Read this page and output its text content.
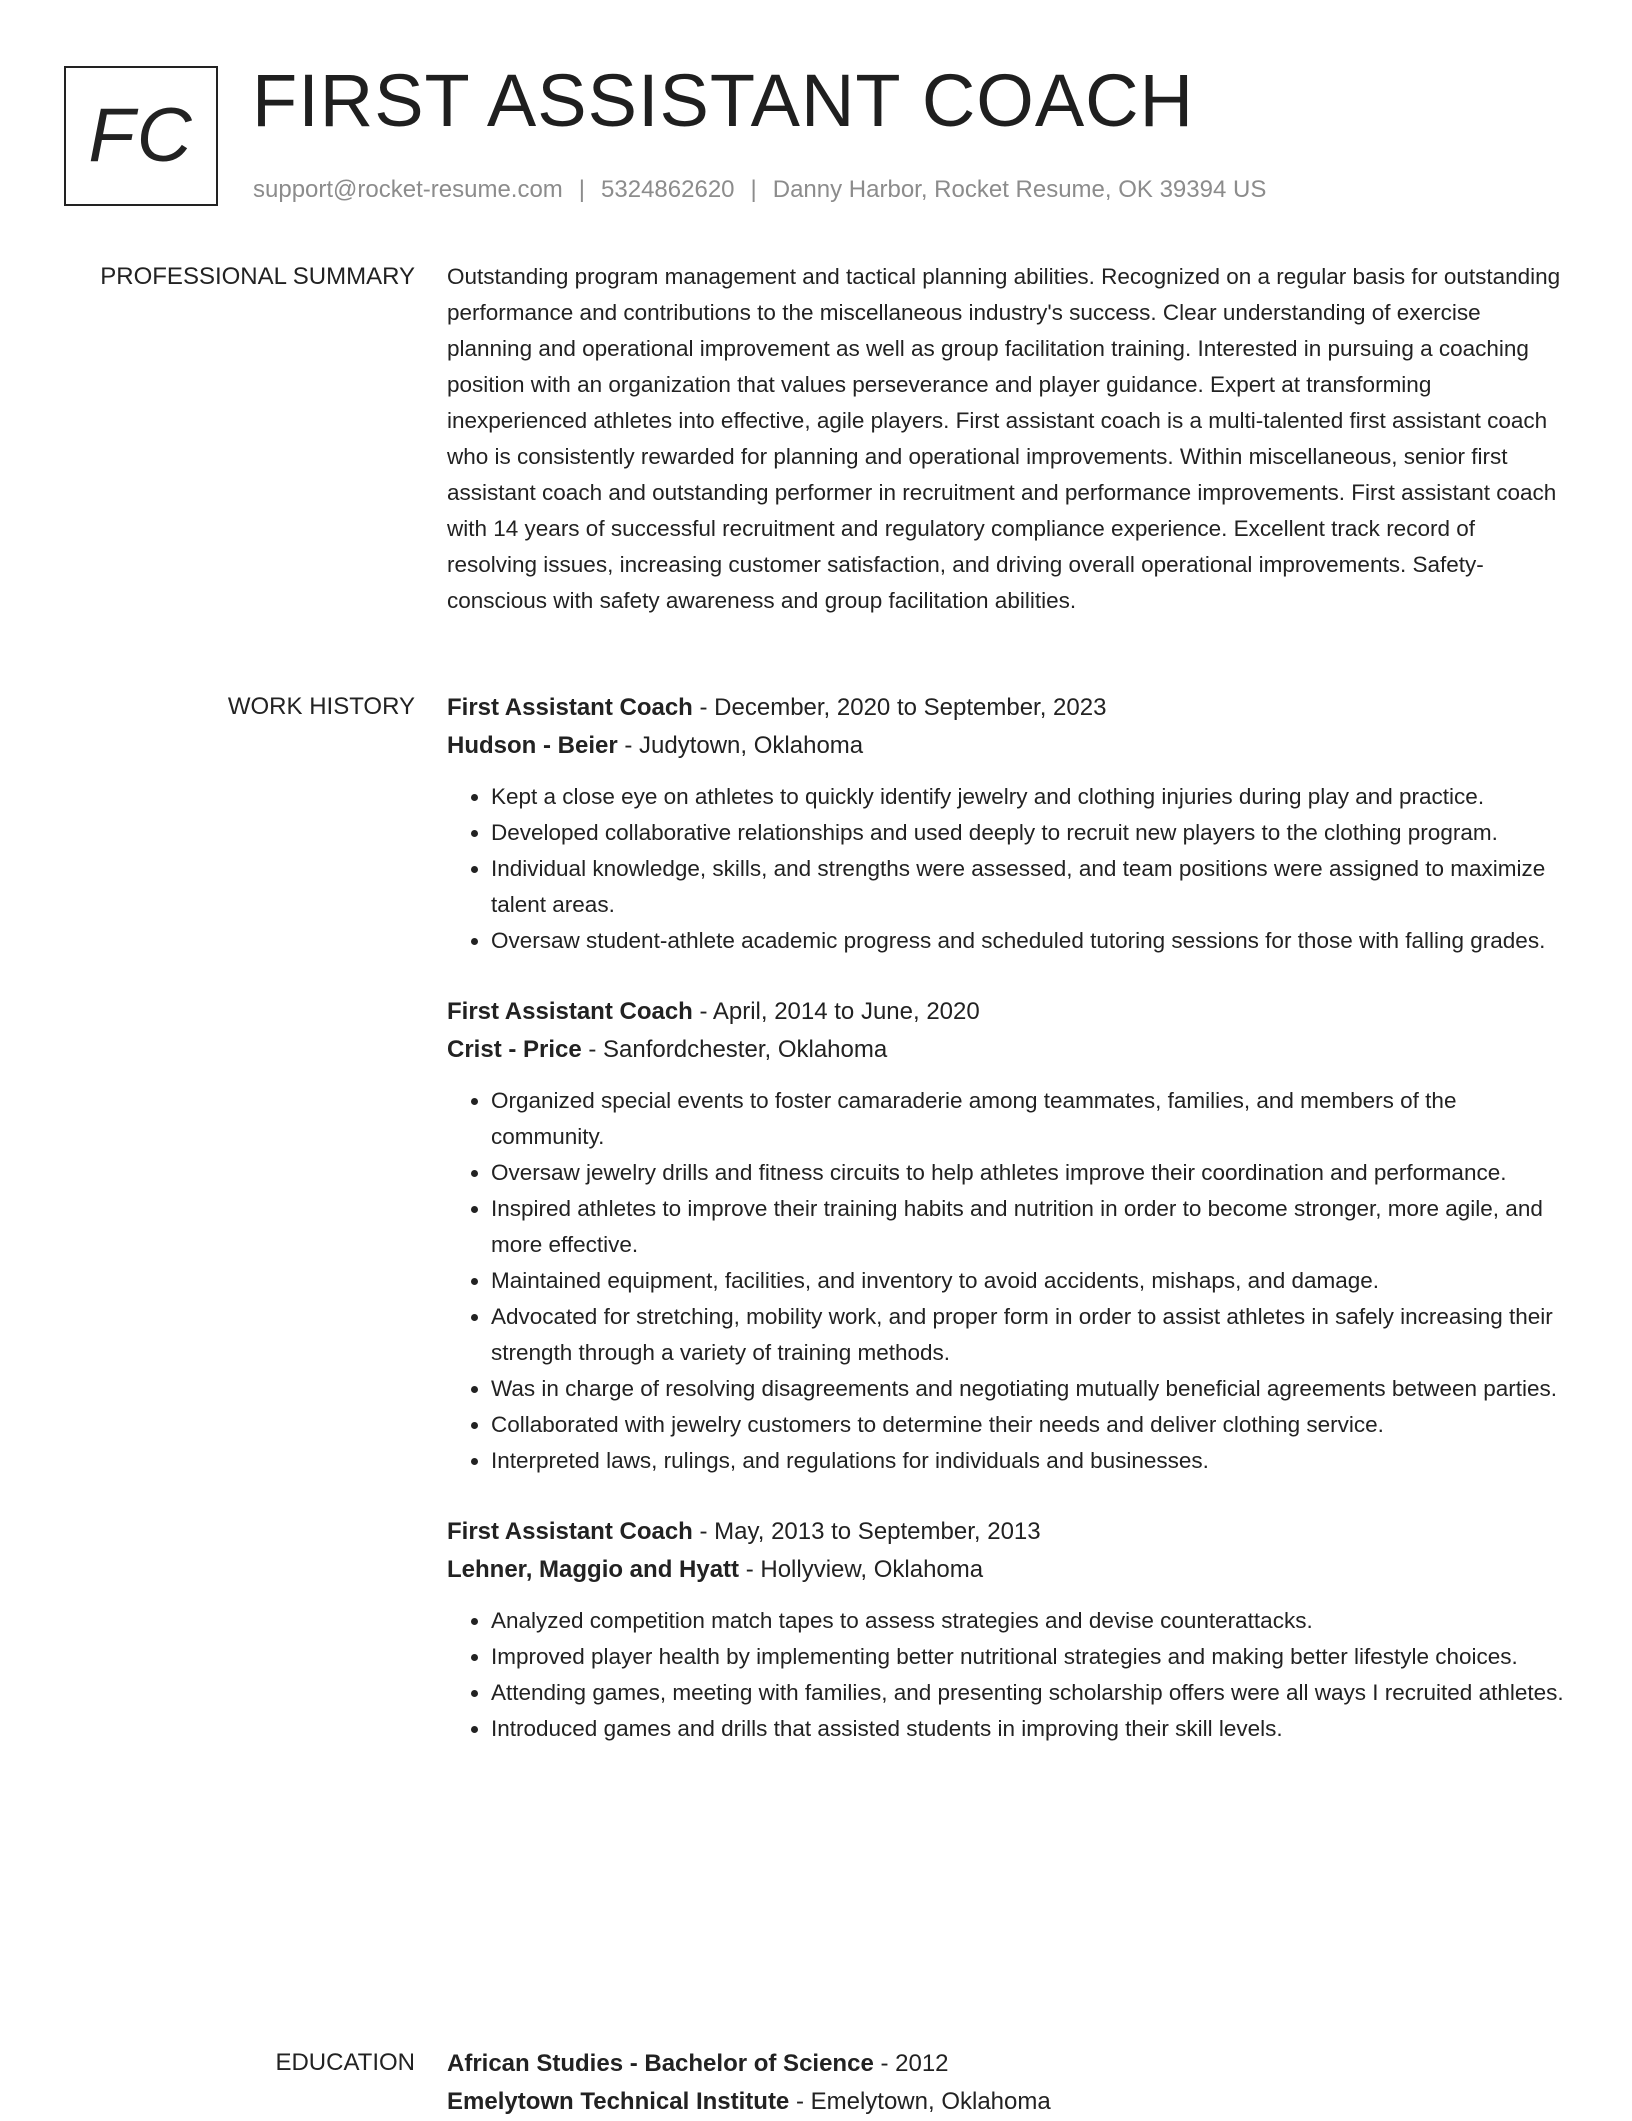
FC FIRST ASSISTANT COACH
support@rocket-resume.com | 5324862620 | Danny Harbor, Rocket Resume, OK 39394 US
PROFESSIONAL SUMMARY Outstanding program management and tactical planning abilities. Recognized on a regular basis for outstanding performance and contributions to the miscellaneous industry's success. Clear understanding of exercise planning and operational improvement as well as group facilitation training. Interested in pursuing a coaching position with an organization that values perseverance and player guidance. Expert at transforming inexperienced athletes into effective, agile players. First assistant coach is a multi-talented first assistant coach who is consistently rewarded for planning and operational improvements. Within miscellaneous, senior first assistant coach and outstanding performer in recruitment and performance improvements. First assistant coach with 14 years of successful recruitment and regulatory compliance experience. Excellent track record of resolving issues, increasing customer satisfaction, and driving overall operational improvements. Safety-conscious with safety awareness and group facilitation abilities.

WORK HISTORY First Assistant Coach - December, 2020 to September, 2023

Hudson - Beier - Judytown, Oklahoma

• Kept a close eye on athletes to quickly identify jewelry and clothing injuries during play and practice.
• Developed collaborative relationships and used deeply to recruit new players to the clothing program.
• Individual knowledge, skills, and strengths were assessed, and team positions were assigned to maximize talent areas.
• Oversaw student-athlete academic progress and scheduled tutoring sessions for those with falling grades.

First Assistant Coach - April, 2014 to June, 2020

Crist - Price - Sanfordchester, Oklahoma

• Organized special events to foster camaraderie among teammates, families, and members of the community.
• Oversaw jewelry drills and fitness circuits to help athletes improve their coordination and performance.
• Inspired athletes to improve their training habits and nutrition in order to become stronger, more agile, and more effective.
• Maintained equipment, facilities, and inventory to avoid accidents, mishaps, and damage.
• Advocated for stretching, mobility work, and proper form in order to assist athletes in safely increasing their strength through a variety of training methods.
• Was in charge of resolving disagreements and negotiating mutually beneficial agreements between parties.
• Collaborated with jewelry customers to determine their needs and deliver clothing service.
• Interpreted laws, rulings, and regulations for individuals and businesses.

First Assistant Coach - May, 2013 to September, 2013

Lehner, Maggio and Hyatt - Hollyview, Oklahoma

• Analyzed competition match tapes to assess strategies and devise counterattacks.
• Improved player health by implementing better nutritional strategies and making better lifestyle choices.
• Attending games, meeting with families, and presenting scholarship offers were all ways I recruited athletes.
• Introduced games and drills that assisted students in improving their skill levels.
EDUCATION African Studies - Bachelor of Science - 2012

Emelytown Technical Institute - Emelytown, Oklahoma
